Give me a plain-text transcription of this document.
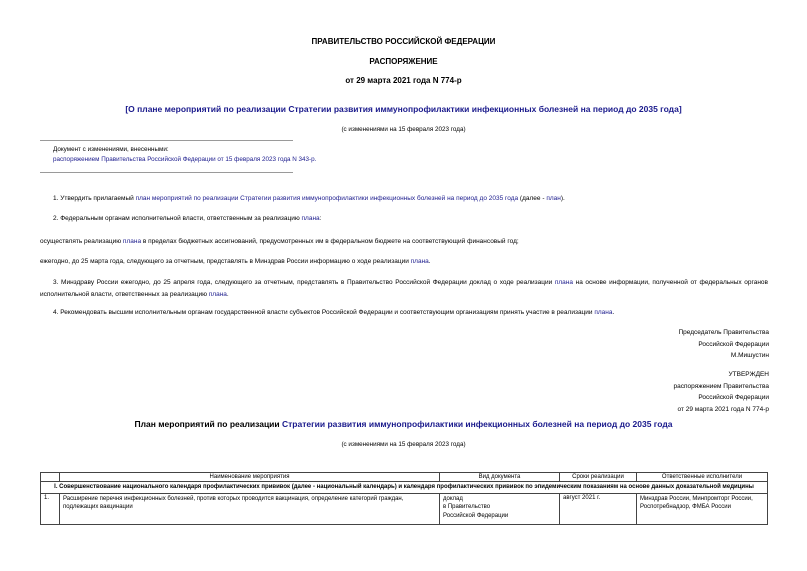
ПРАВИТЕЛЬСТВО РОССИЙСКОЙ ФЕДЕРАЦИИ
РАСПОРЯЖЕНИЕ
от 29 марта 2021 года N 774-р
[О плане мероприятий по реализации Стратегии развития иммунопрофилактики инфекционных болезней на период до 2035 года]
(с изменениями на 15 февраля 2023 года)
Документ с изменениями, внесенными:
распоряжением Правительства Российской Федерации от 15 февраля 2023 года N 343-р.
1. Утвердить прилагаемый план мероприятий по реализации Стратегии развития иммунопрофилактики инфекционных болезней на период до 2035 года (далее - план).
2. Федеральным органам исполнительной власти, ответственным за реализацию плана:
осуществлять реализацию плана в пределах бюджетных ассигнований, предусмотренных им в федеральном бюджете на соответствующий финансовый год;
ежегодно, до 25 марта года, следующего за отчетным, представлять в Минздрав России информацию о ходе реализации плана.
3. Минздраву России ежегодно, до 25 апреля года, следующего за отчетным, представлять в Правительство Российской Федерации доклад о ходе реализации плана на основе информации, полученной от федеральных органов исполнительной власти, ответственных за реализацию плана.
4. Рекомендовать высшим исполнительным органам государственной власти субъектов Российской Федерации и соответствующим организациям принять участие в реализации плана.
Председатель Правительства
Российской Федерации
М.Мишустин
УТВЕРЖДЕН
распоряжением Правительства
Российской Федерации
от 29 марта 2021 года N 774-р
План мероприятий по реализации Стратегии развития иммунопрофилактики инфекционных болезней на период до 2035 года
(с изменениями на 15 февраля 2023 года)
	Наименование мероприятия	Вид документа	Сроки реализации	Ответственные исполнители
I. Совершенствование национального календаря профилактических прививок (далее - национальный календарь) и календаря профилактических прививок по эпидемическим показаниям на основе данных доказательной медицины				
1.	Расширение перечня инфекционных болезней, против которых проводится вакцинация, определение категорий граждан, подлежащих вакцинации	доклад
в Правительство
Российской Федерации	август 2021 г.	Минздрав России, Минпромторг России, Роспотребнадзор, ФМБА России
